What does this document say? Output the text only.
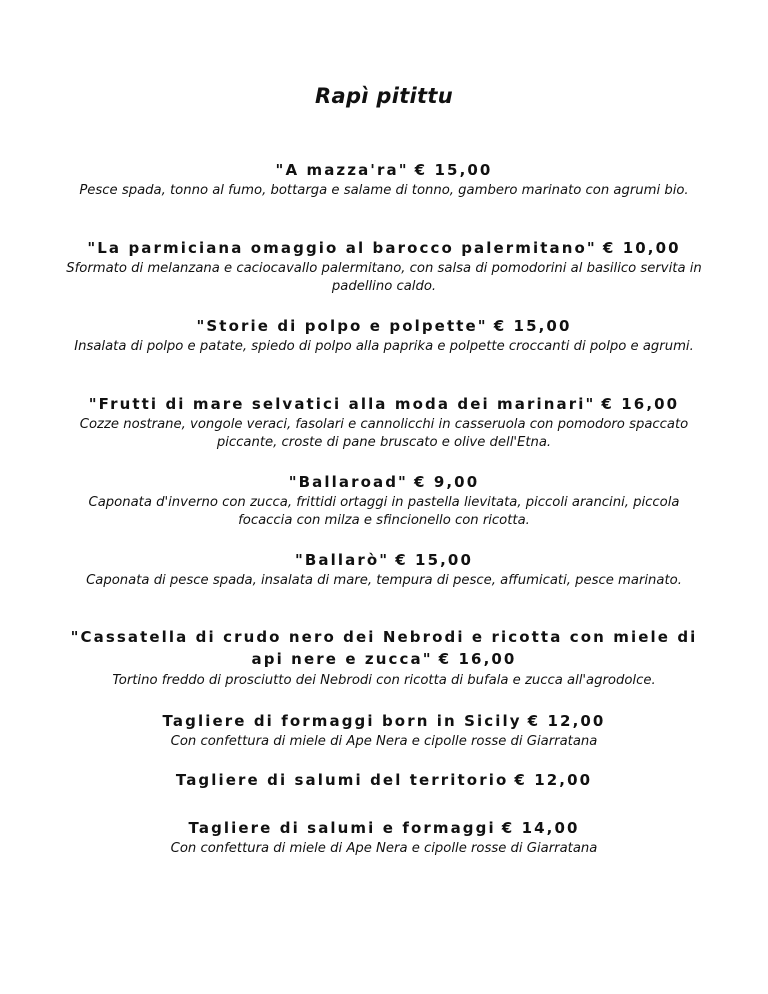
Rapì pitittu
"A mazza'ra" € 15,00
Pesce spada, tonno al fumo, bottarga e salame di tonno, gambero marinato con agrumi bio.
"La parmiciana omaggio al barocco palermitano" € 10,00
Sformato di melanzana e caciocavallo palermitano, con salsa di pomodorini al basilico servita in padellino caldo.
"Storie di polpo e polpette" € 15,00
Insalata di polpo e patate, spiedo di polpo alla paprika e polpette croccanti di polpo e agrumi.
"Frutti di mare selvatici alla moda dei marinari" € 16,00
Cozze nostrane, vongole veraci, fasolari e cannolicchi in casseruola con pomodoro spaccato piccante, croste di pane bruscato e olive dell'Etna.
"Ballaroad" € 9,00
Caponata d'inverno con zucca, frittidi ortaggi in pastella lievitata, piccoli arancini, piccola focaccia con milza e sfincionello con ricotta.
"Ballarò" € 15,00
Caponata di pesce spada, insalata di mare, tempura di pesce, affumicati, pesce marinato.
"Cassatella di crudo nero dei Nebrodi e ricotta con miele di api nere e zucca" € 16,00
Tortino freddo di prosciutto dei Nebrodi con ricotta di bufala e zucca all'agrodolce.
Tagliere di formaggi born in Sicily € 12,00
Con confettura di miele di Ape Nera e cipolle rosse di Giarratana
Tagliere di salumi del territorio € 12,00
Tagliere di salumi e formaggi € 14,00
Con confettura di miele di Ape Nera e cipolle rosse di Giarratana
